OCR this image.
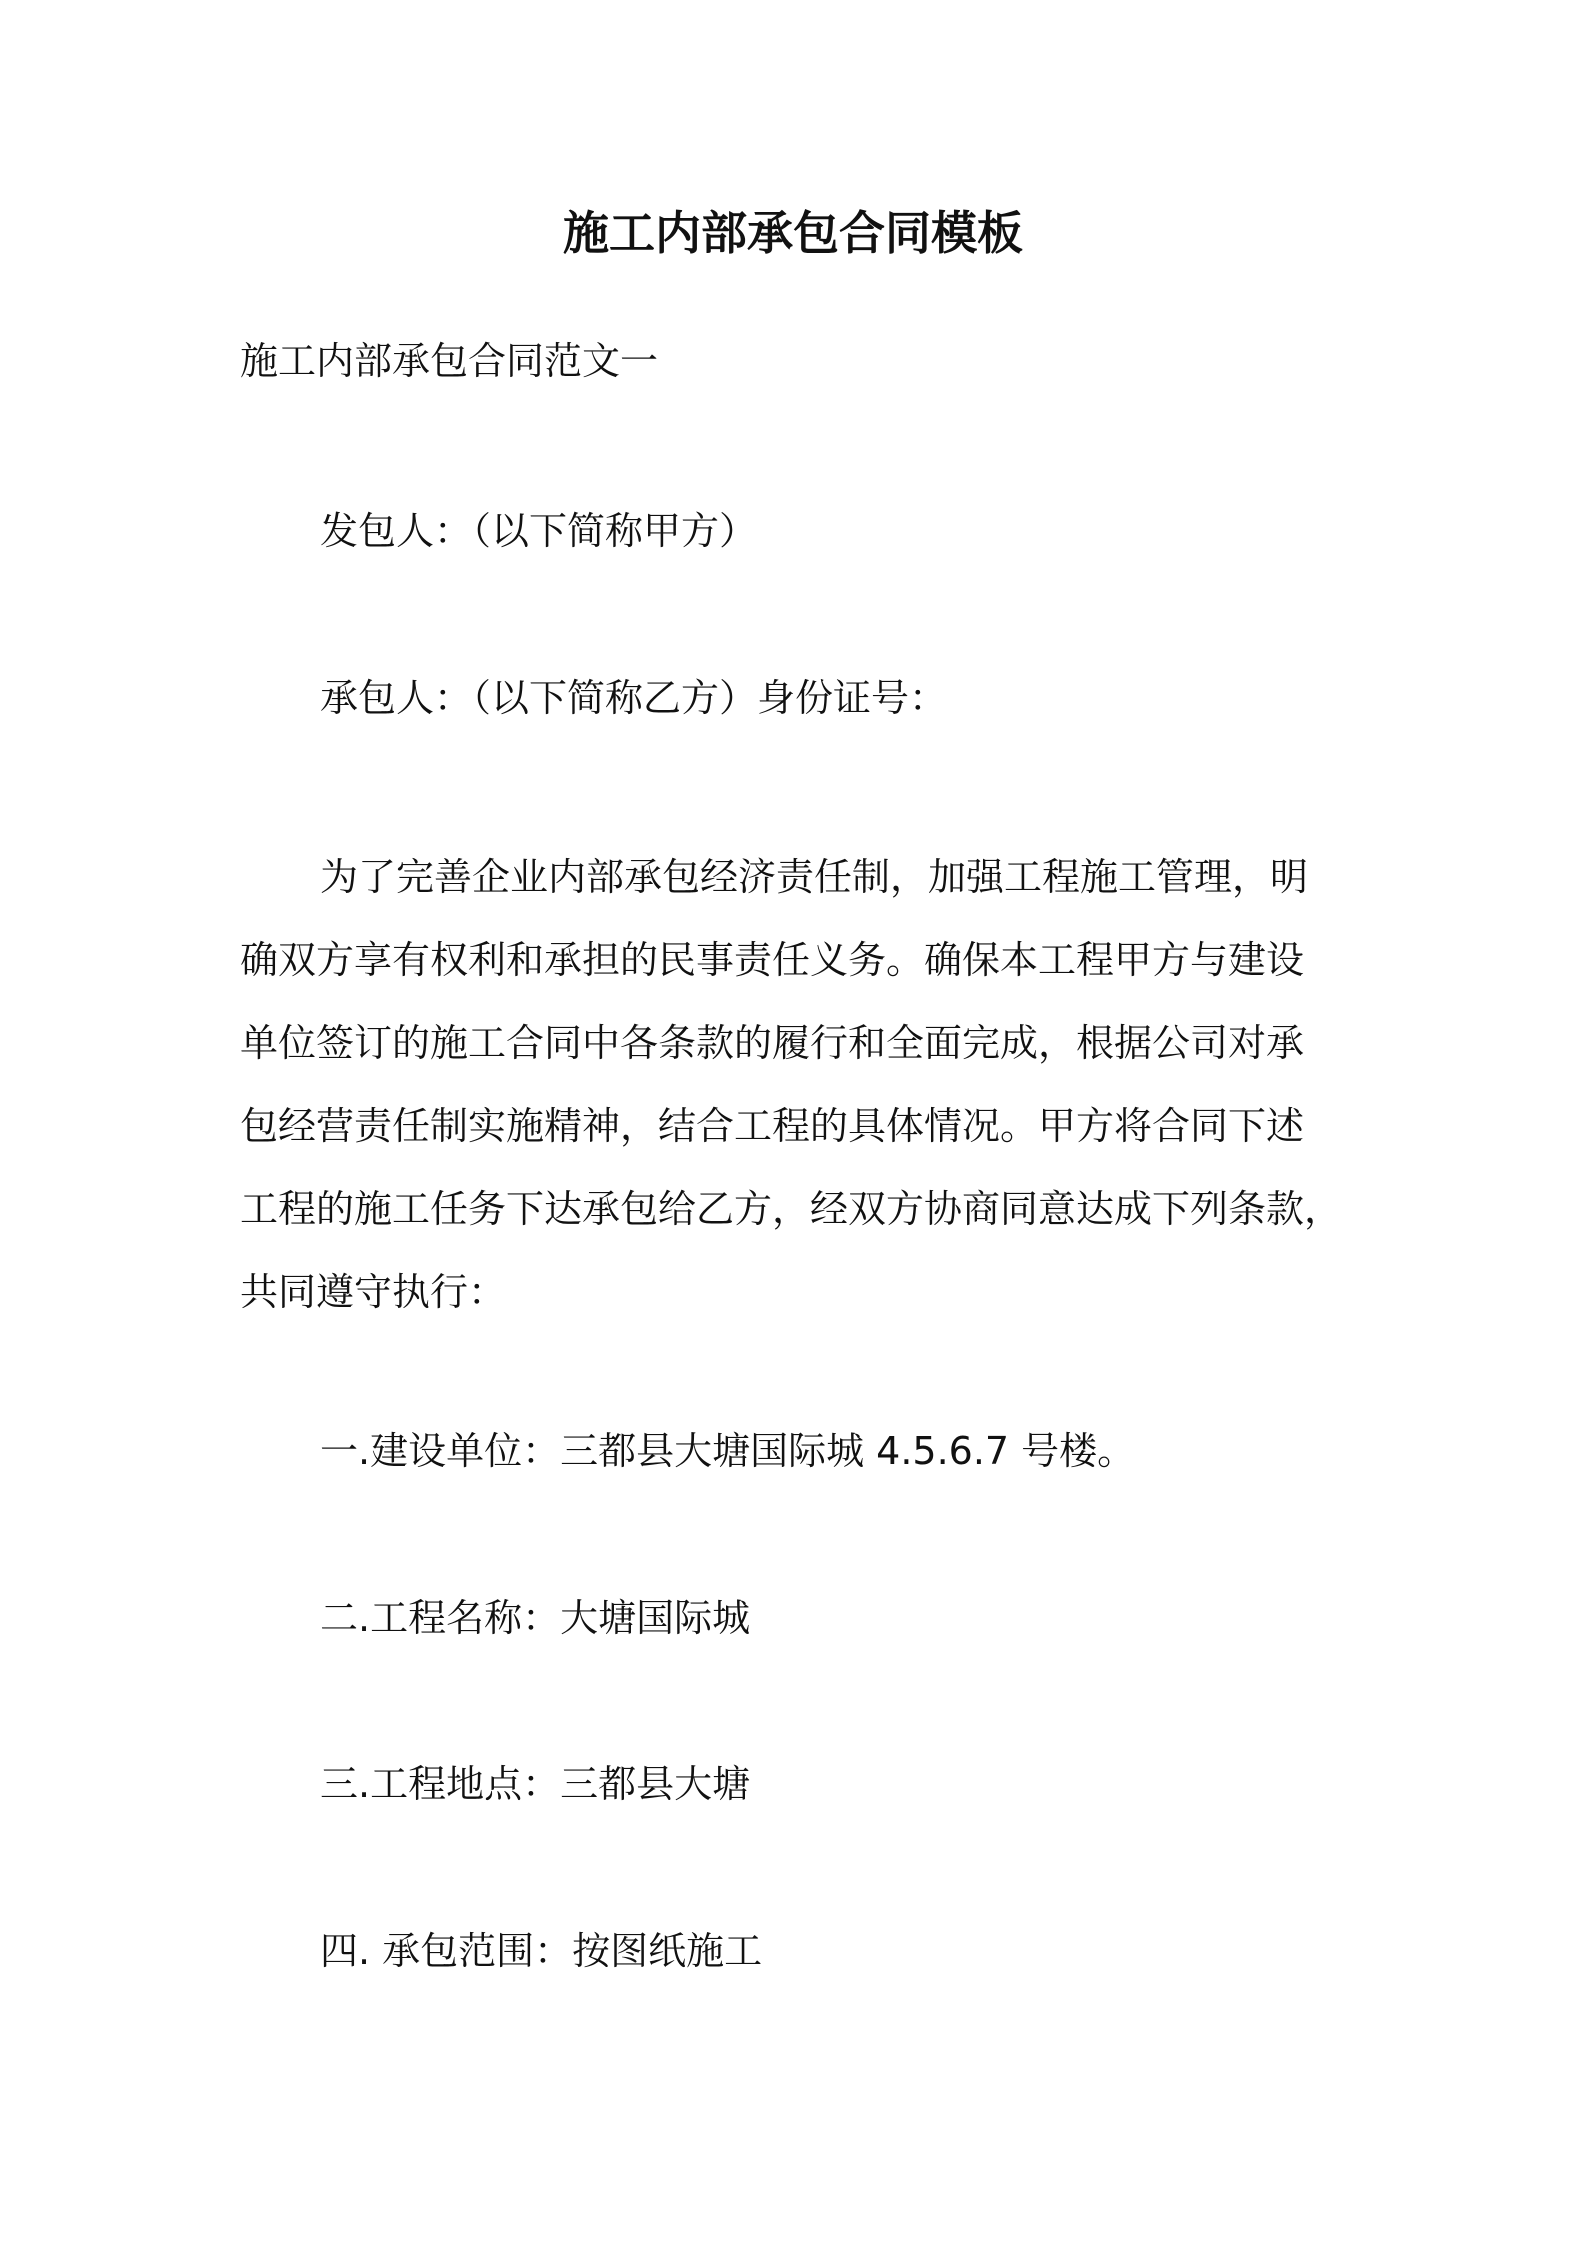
施工内部承包合同模板
施工内部承包合同范文一
发包人：（以下简称甲方）
承包人：（以下简称乙方）身份证号：
为了完善企业内部承包经济责任制，加强工程施工管理，明
确双方享有权利和承担的民事责任义务。确保本工程甲方与建设
单位签订的施工合同中各条款的履行和全面完成，根据公司对承
包经营责任制实施精神，结合工程的具体情况。甲方将合同下述
工程的施工任务下达承包给乙方，经双方协商同意达成下列条款，
共同遵守执行：
一.建设单位：三都县大塘国际城 4.5.6.7 号楼。
二.工程名称：大塘国际城
三.工程地点：三都县大塘
四. 承包范围：按图纸施工
